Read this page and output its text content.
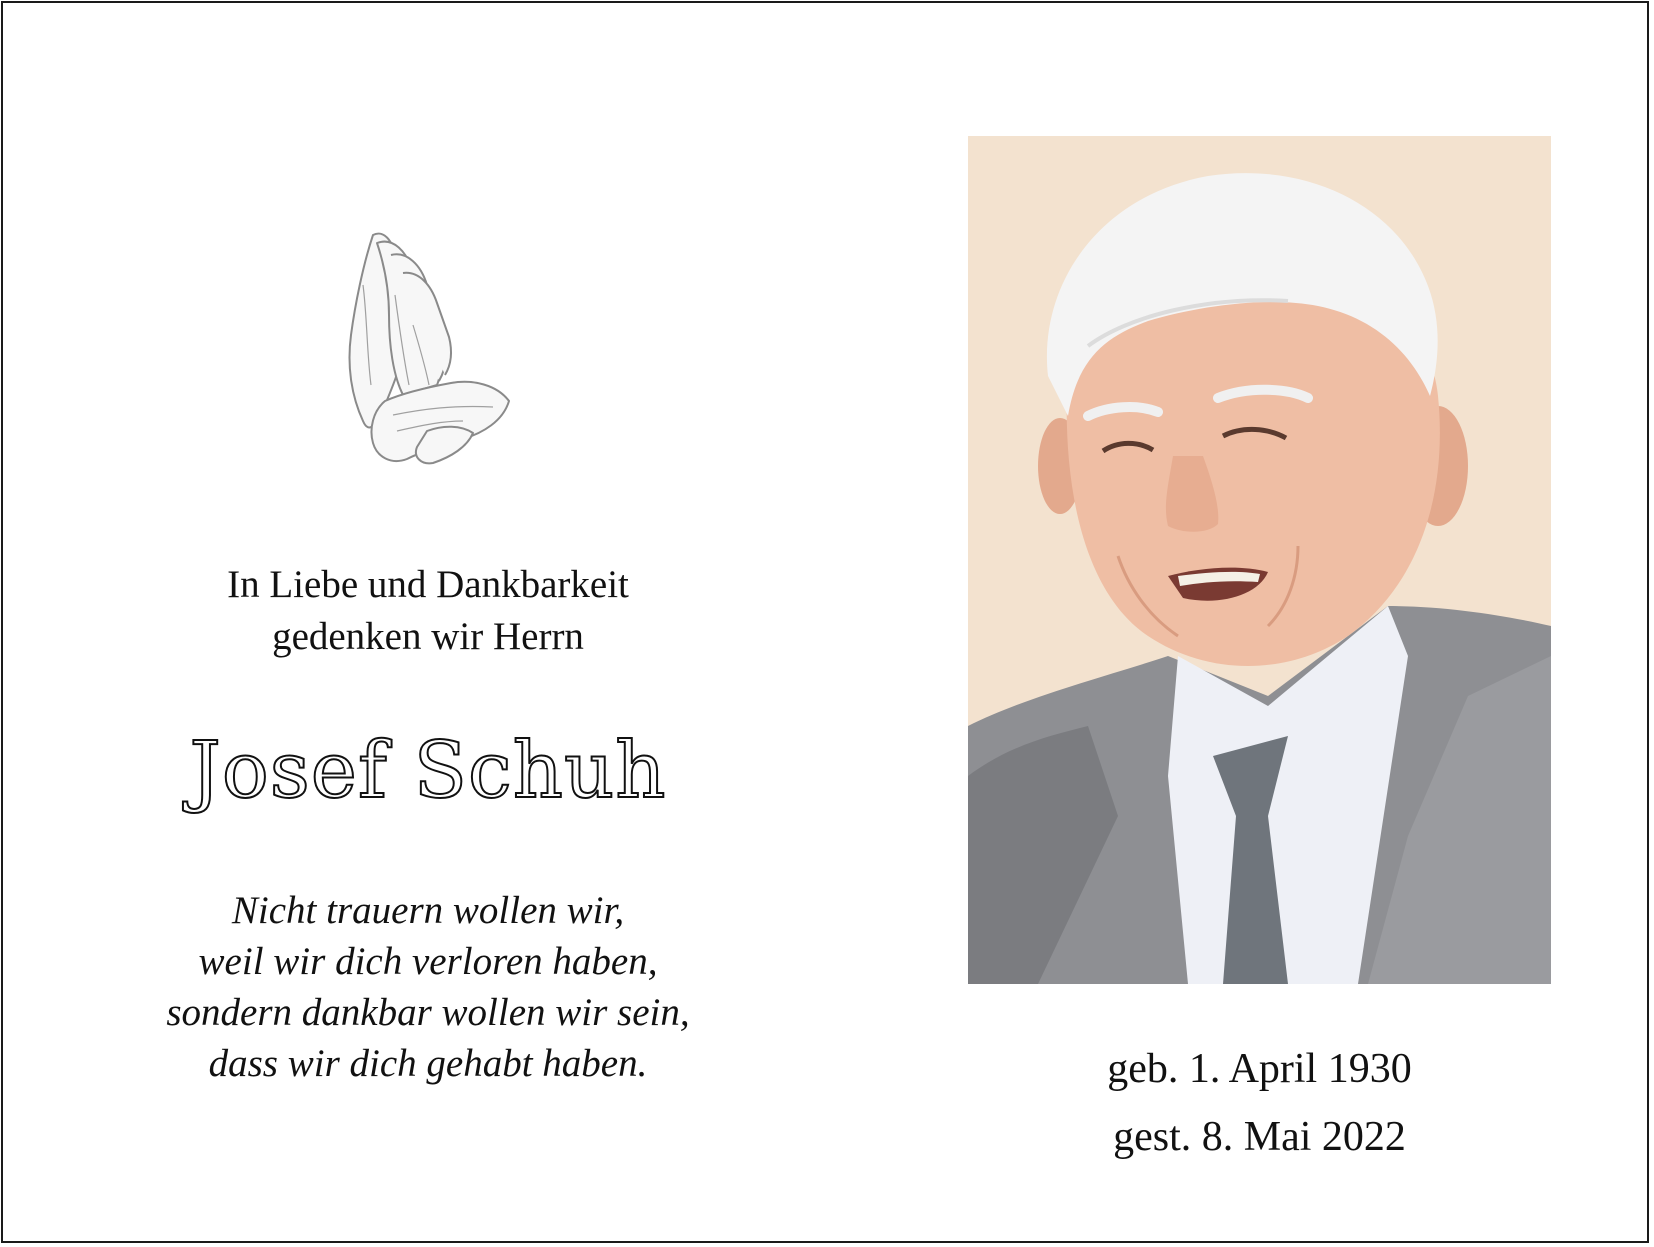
In Liebe und Dankbarkeit
gedenken wir Herrn
Josef Schuh
Nicht trauern wollen wir,
weil wir dich verloren haben,
sondern dankbar wollen wir sein,
dass wir dich gehabt haben.	geb. 1. April 1930
gest. 8. Mai 2022
